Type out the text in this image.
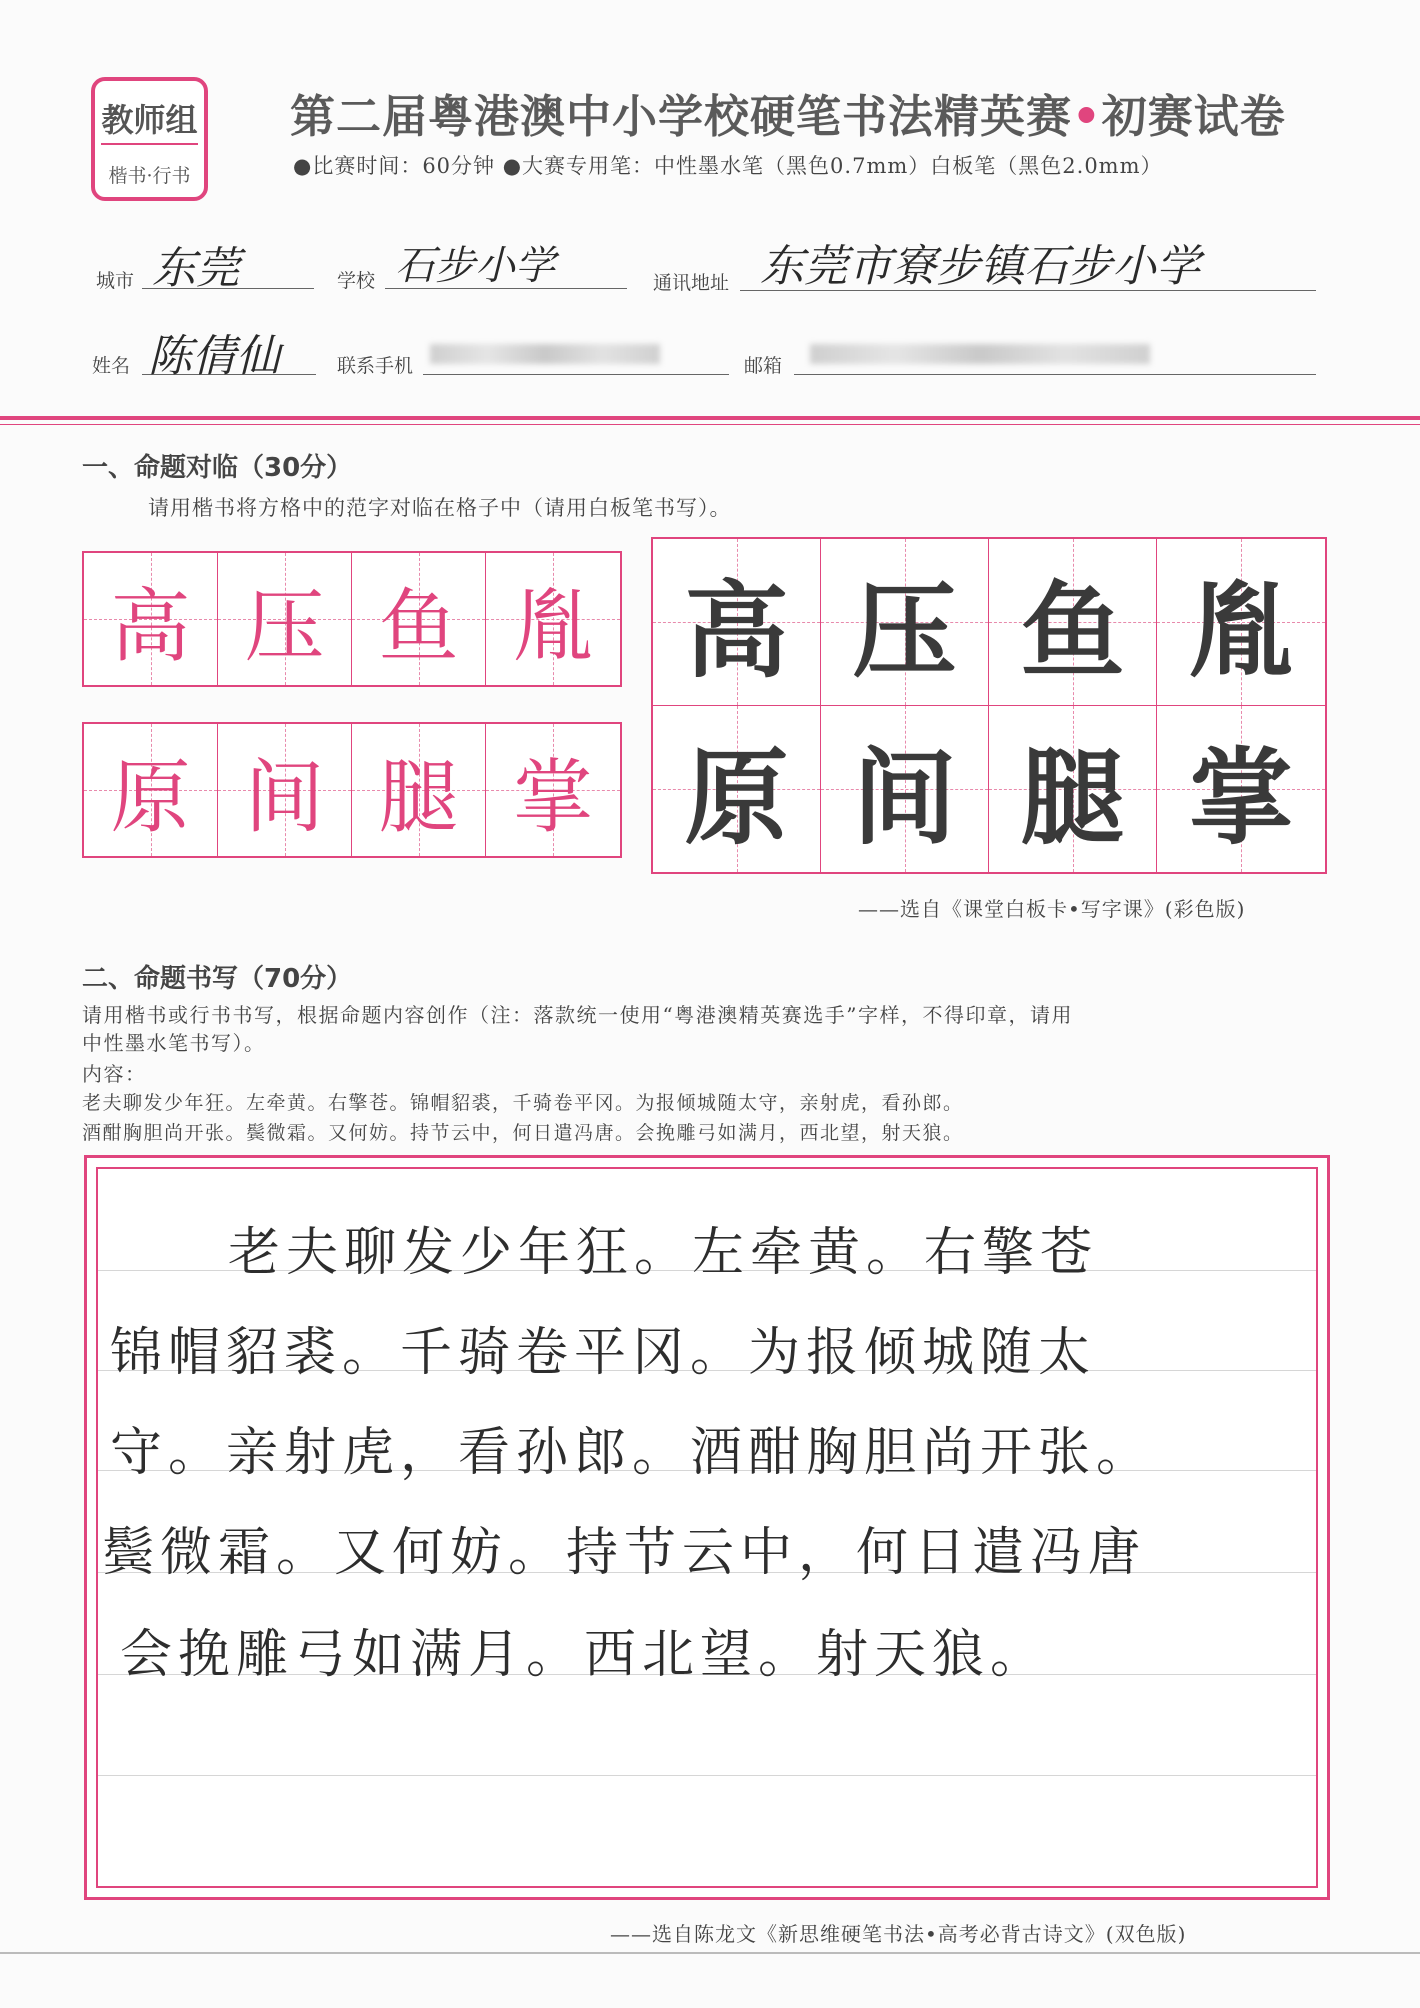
教师组
楷书·行书
第二届粤港澳中小学校硬笔书法精英赛•初赛试卷
●比赛时间：60分钟 ●大赛专用笔：中性墨水笔（黑色0.7mm）白板笔（黑色2.0mm）
城市 东莞	学校 石步小学	通讯地址 东莞市寮步镇石步小学
姓名 陈倩仙	联系手机	邮箱
一、命题对临（30分）
请用楷书将方格中的范字对临在格子中（请用白板笔书写）。
高 压 鱼 胤
原 间 腿 掌
高 压 鱼 胤
原 间 腿 掌
——选自《课堂白板卡•写字课》(彩色版)
二、命题书写（70分）
请用楷书或行书书写，根据命题内容创作（注：落款统一使用“粤港澳精英赛选手”字样，不得印章，请用
中性墨水笔书写）。
内容：
老夫聊发少年狂。左牵黄。右擎苍。锦帽貂裘，千骑卷平冈。为报倾城随太守，亲射虎，看孙郎。
酒酣胸胆尚开张。鬓微霜。又何妨。持节云中，何日遣冯唐。会挽雕弓如满月，西北望，射天狼。
老夫聊发少年狂。左牵黄。右擎苍
锦帽貂裘。千骑卷平冈。为报倾城随太
守。亲射虎，看孙郎。酒酣胸胆尚开张。
鬓微霜。又何妨。持节云中，何日遣冯唐
会挽雕弓如满月。西北望。射天狼。
——选自陈龙文《新思维硬笔书法•高考必背古诗文》(双色版)
